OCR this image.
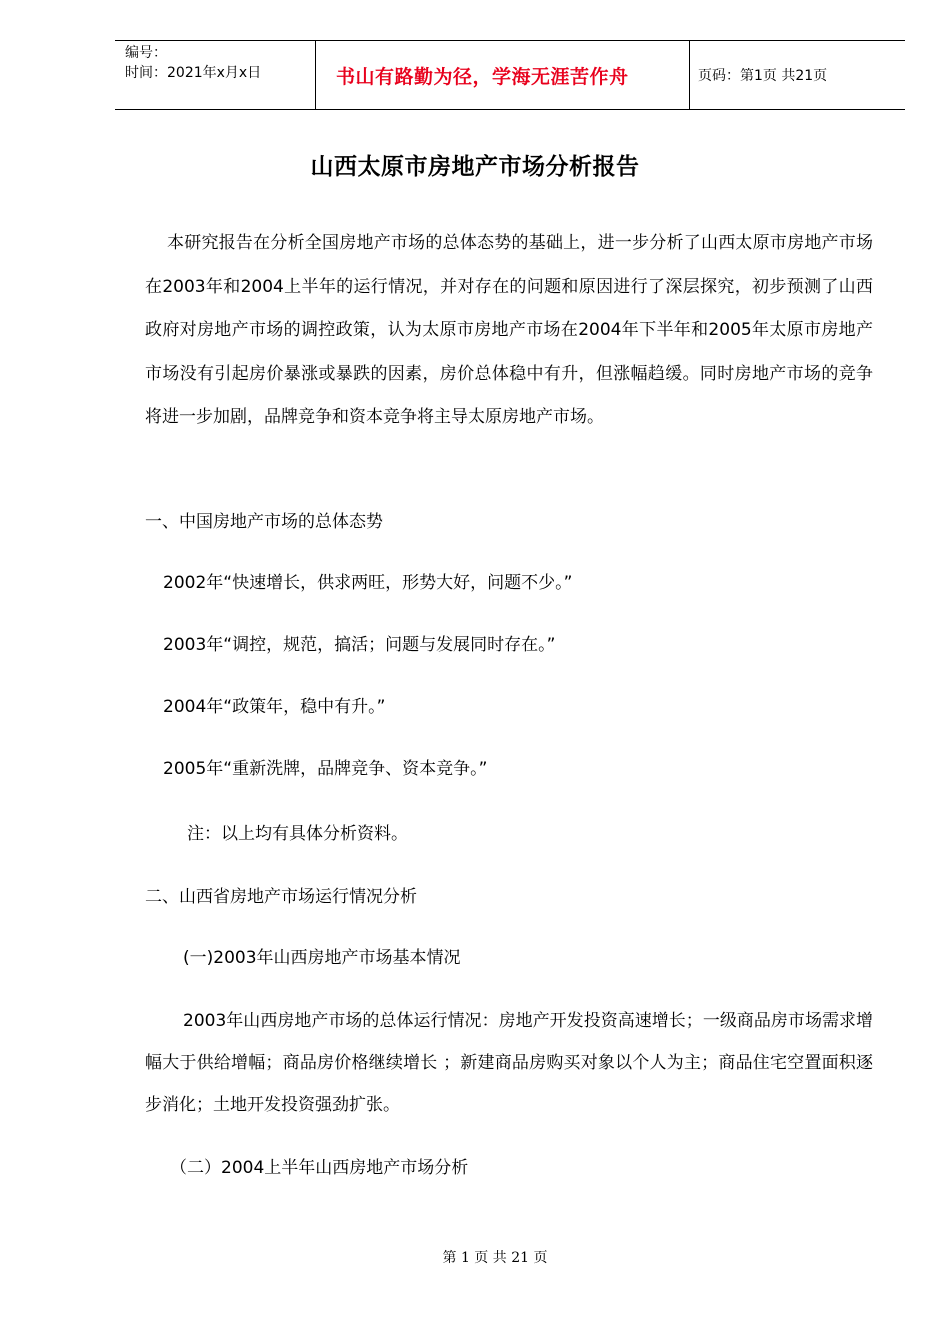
编号：
时间：2021年x月x日	书山有路勤为径，学海无涯苦作舟	页码：第1页 共21页
山西太原市房地产市场分析报告

本研究报告在分析全国房地产市场的总体态势的基础上，进一步分析了山西太原市房地产市场在2003年和2004上半年的运行情况，并对存在的问题和原因进行了深层探究，初步预测了山西政府对房地产市场的调控政策，认为太原市房地产市场在2004年下半年和2005年太原市房地产市场没有引起房价暴涨或暴跌的因素，房价总体稳中有升，但涨幅趋缓。同时房地产市场的竞争将进一步加剧，品牌竞争和资本竞争将主导太原房地产市场。

一、中国房地产市场的总体态势
2002年“快速增长，供求两旺，形势大好，问题不少。”
2003年“调控，规范，搞活；问题与发展同时存在。”
2004年“政策年，稳中有升。”
2005年“重新洗牌，品牌竞争、资本竞争。”
注：以上均有具体分析资料。
二、山西省房地产市场运行情况分析
(一)2003年山西房地产市场基本情况

2003年山西房地产市场的总体运行情况：房地产开发投资高速增长；一级商品房市场需求增幅大于供给增幅；商品房价格继续增长 ；新建商品房购买对象以个人为主；商品住宅空置面积逐步消化；土地开发投资强劲扩张。

（二）2004上半年山西房地产市场分析
第 1 页 共 21 页
